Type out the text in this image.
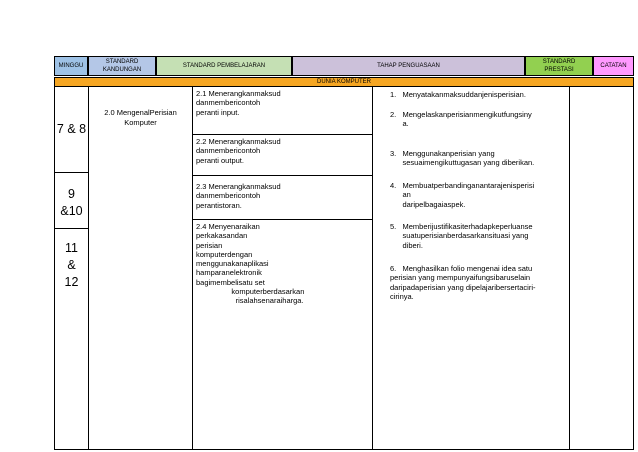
MINGGU
STANDARD
KANDUNGAN
STANDARD PEMBELAJARAN	TAHAP PENGUASAAN
STANDARD
PRESTASI
CATATAN
DUNIA KOMPUTER
7 & 8
9
&10
11
&
12
2.0 MengenalPerisian
Komputer
2.1 Menerangkanmaksud
danmembericontoh
peranti input.
2.2 Menerangkanmaksud
danmembericontoh
peranti output.
2.3 Menerangkanmaksud
danmembericontoh
perantistoran.
2.4 Menyenaraikan
perkakasandan
perisian
komputerdengan
menggunakanaplikasi
hamparanelektronik
bagimembelisatu set
komputerberdasarkan
risalahsenaraiharga.
1.   Menyatakanmaksuddanjenisperisian.
2.   Mengelaskanperisianmengikutfungsiny
a.
3.   Menggunakanperisian yang
sesuaimengikuttugasan yang diberikan.
4.   Membuatperbandinganantarajenisperisi
an
daripelbagaiaspek.
5.   Memberijustifikasiterhadapkeperluanse
suatuperisianberdasarkansituasi yang
diberi.
6.   Menghasilkan folio mengenai idea satu
perisian yang mempunyaifungsibaruselain
daripadaperisian yang dipelajaribersertaciri-
cirinya.
